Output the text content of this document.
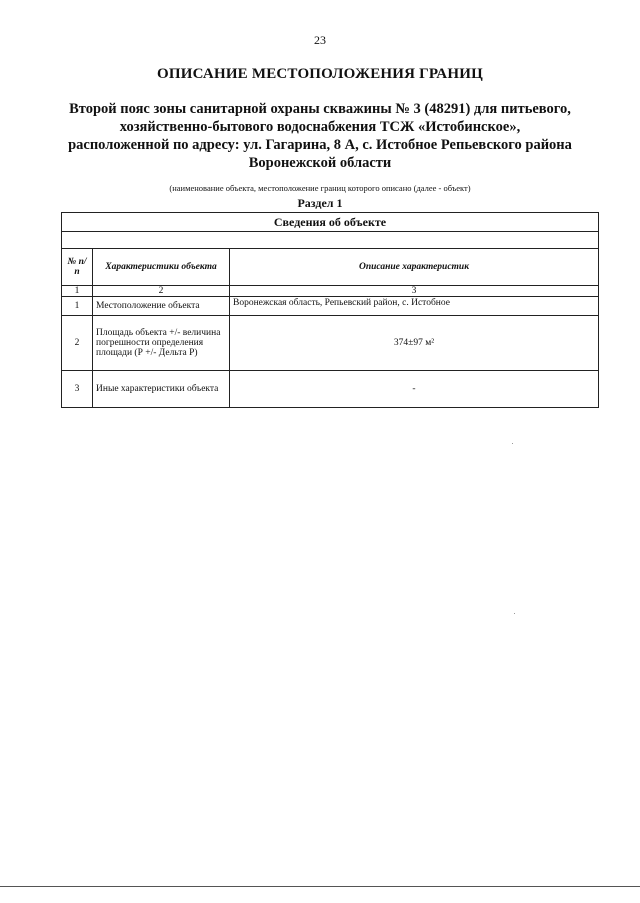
23
ОПИСАНИЕ МЕСТОПОЛОЖЕНИЯ ГРАНИЦ
Второй пояс зоны санитарной охраны скважины № 3 (48291) для питьевого,
хозяйственно-бытового водоснабжения ТСЖ «Истобинское»,
расположенной по адресу: ул. Гагарина, 8 А, с. Истобное Репьевского района
Воронежской области
(наименование объекта, местоположение границ которого описано (далее - объект)
Раздел 1
Сведения об объекте		

№ п/п	Характеристики объекта	Описание характеристик
1	2	3
1	Местоположение объекта	Воронежская область, Репьевский район, с. Истобное
2	Площадь объекта +/- величина погрешности определения площади (Р +/- Дельта Р)	374±97 м²
3	Иные характеристики объекта	-
